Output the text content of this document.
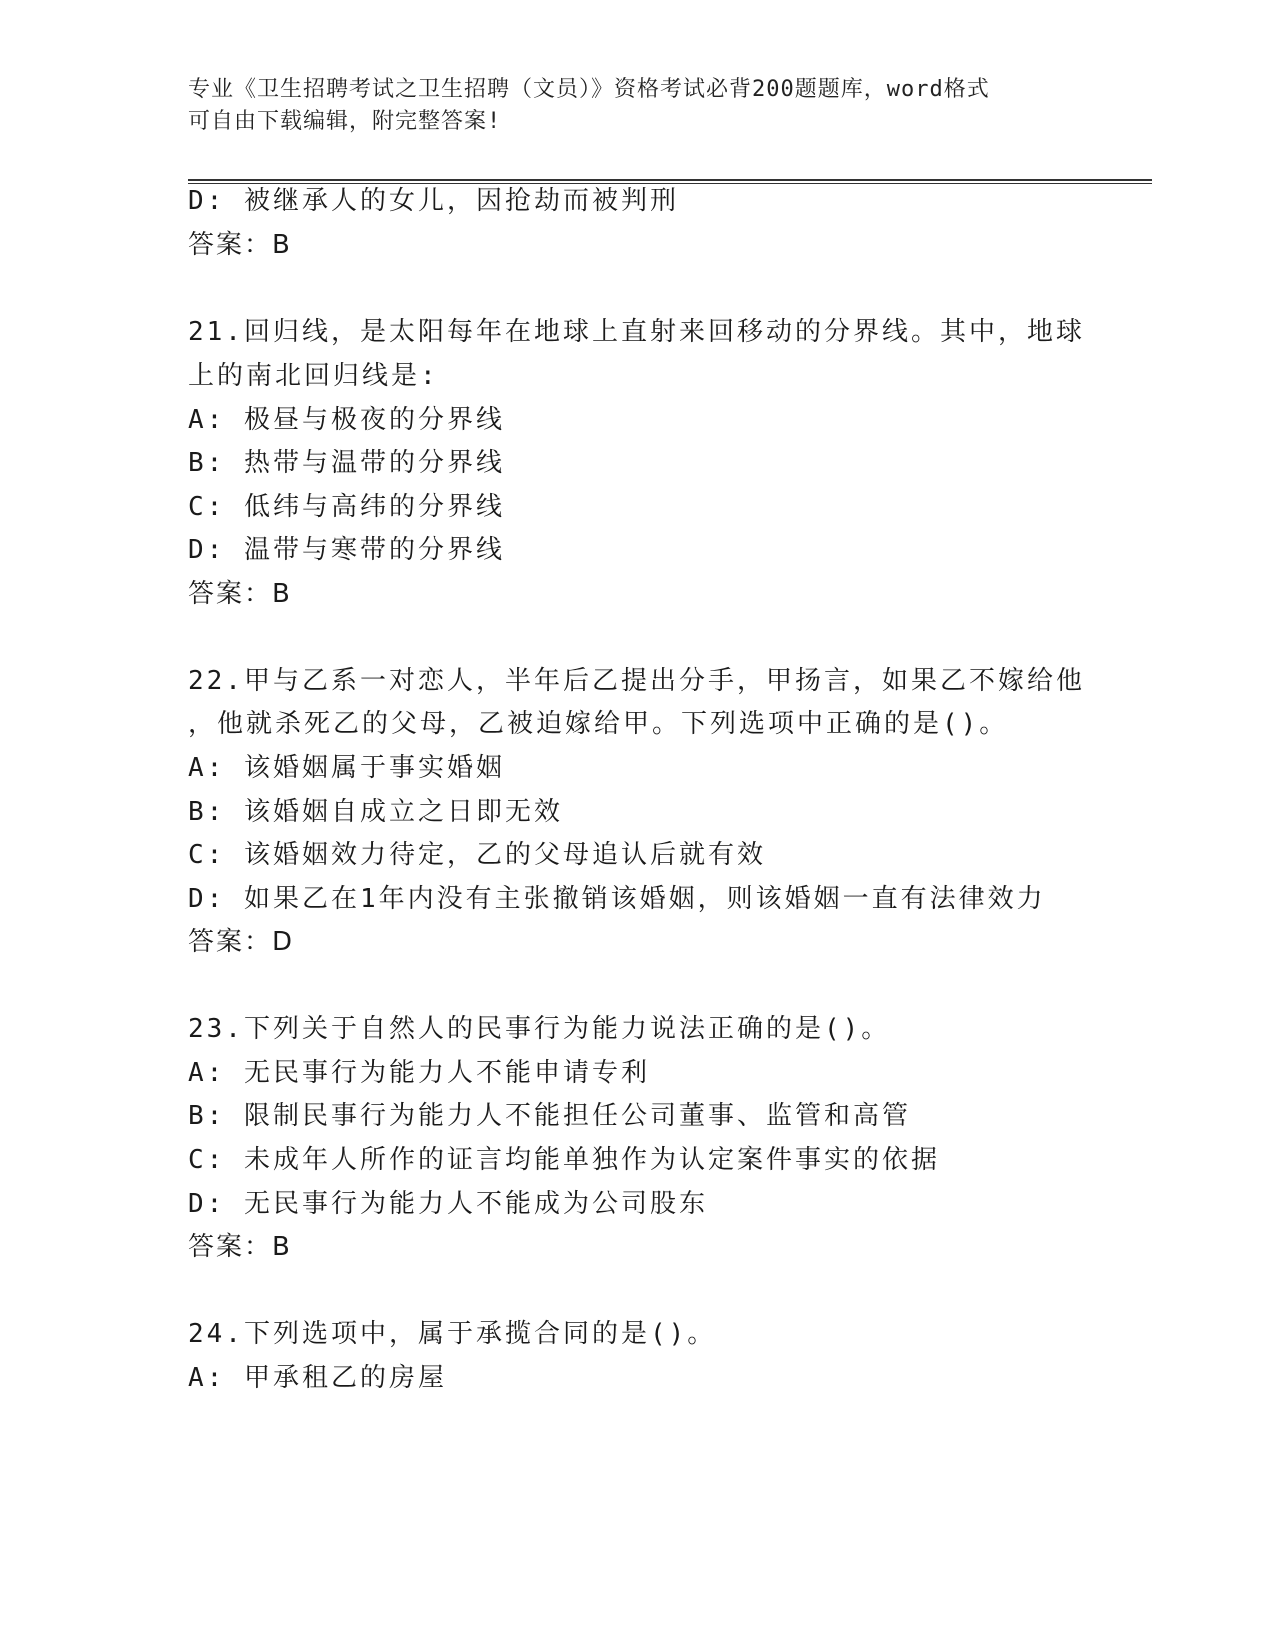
专业《卫生招聘考试之卫生招聘（文员）》资格考试必背200题题库，word格式
可自由下载编辑，附完整答案!
D: 被继承人的女儿，因抢劫而被判刑
答案：B
21.回归线，是太阳每年在地球上直射来回移动的分界线。其中，地球
上的南北回归线是:
A: 极昼与极夜的分界线
B: 热带与温带的分界线
C: 低纬与高纬的分界线
D: 温带与寒带的分界线
答案：B
22.甲与乙系一对恋人，半年后乙提出分手，甲扬言，如果乙不嫁给他
，他就杀死乙的父母，乙被迫嫁给甲。下列选项中正确的是()。
A: 该婚姻属于事实婚姻
B: 该婚姻自成立之日即无效
C: 该婚姻效力待定，乙的父母追认后就有效
D: 如果乙在1年内没有主张撤销该婚姻，则该婚姻一直有法律效力
答案：D
23.下列关于自然人的民事行为能力说法正确的是()。
A: 无民事行为能力人不能申请专利
B: 限制民事行为能力人不能担任公司董事、监管和高管
C: 未成年人所作的证言均能单独作为认定案件事实的依据
D: 无民事行为能力人不能成为公司股东
答案：B
24.下列选项中，属于承揽合同的是()。
A: 甲承租乙的房屋
